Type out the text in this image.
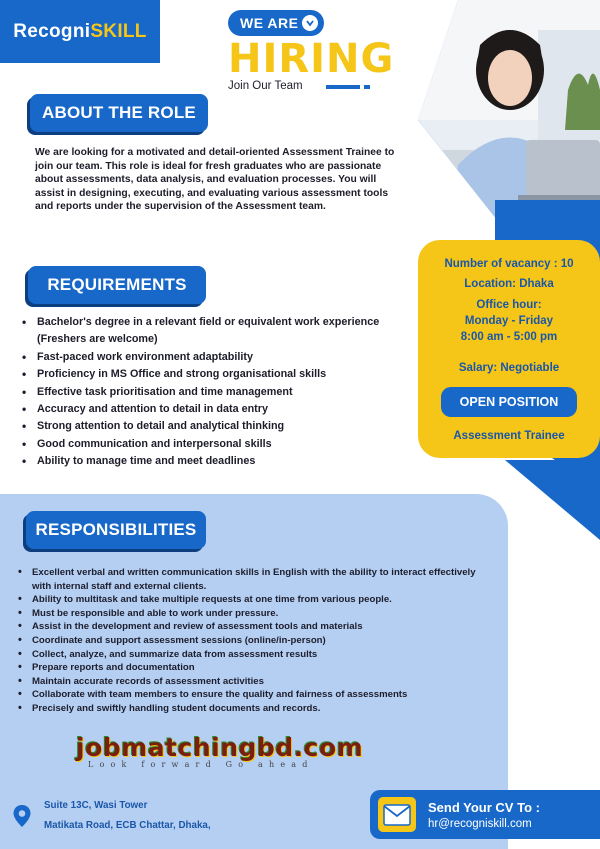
RecogniSKILL	WE ARE
HIRING
Join Our Team
ABOUT THE ROLE

We are looking for a motivated and detail-oriented Assessment Trainee to join our team. This role is ideal for fresh graduates who are passionate about assessments, data analysis, and evaluation processes. You will assist in designing, executing, and evaluating various assessment tools and reports under the supervision of the Assessment team.

REQUIREMENTS
• Bachelor's degree in a relevant field or equivalent work experience (Freshers are welcome)
• Fast-paced work environment adaptability
• Proficiency in MS Office and strong organisational skills
• Effective task prioritisation and time management
• Accuracy and attention to detail in data entry
• Strong attention to detail and analytical thinking
• Good communication and interpersonal skills
• Ability to manage time and meet deadlines
Number of vacancy : 10
Location: Dhaka
Office hour:
Monday - Friday
8:00 am - 5:00 pm
Salary: Negotiable
OPEN POSITION
Assessment Trainee
RESPONSIBILITIES
• Excellent verbal and written communication skills in English with the ability to interact effectively with internal staff and external clients.
• Ability to multitask and take multiple requests at one time from various people.
• Must be responsible and able to work under pressure.
• Assist in the development and review of assessment tools and materials
• Coordinate and support assessment sessions (online/in-person)
• Collect, analyze, and summarize data from assessment results
• Prepare reports and documentation
• Maintain accurate records of assessment activities
• Collaborate with team members to ensure the quality and fairness of assessments
• Precisely and swiftly handling student documents and records.
jobmatchingbd.com
Look forward Go ahead
Suite 13C, Wasi Tower
Matikata Road, ECB Chattar, Dhaka,
Send Your CV To :
hr@recogniskill.com
